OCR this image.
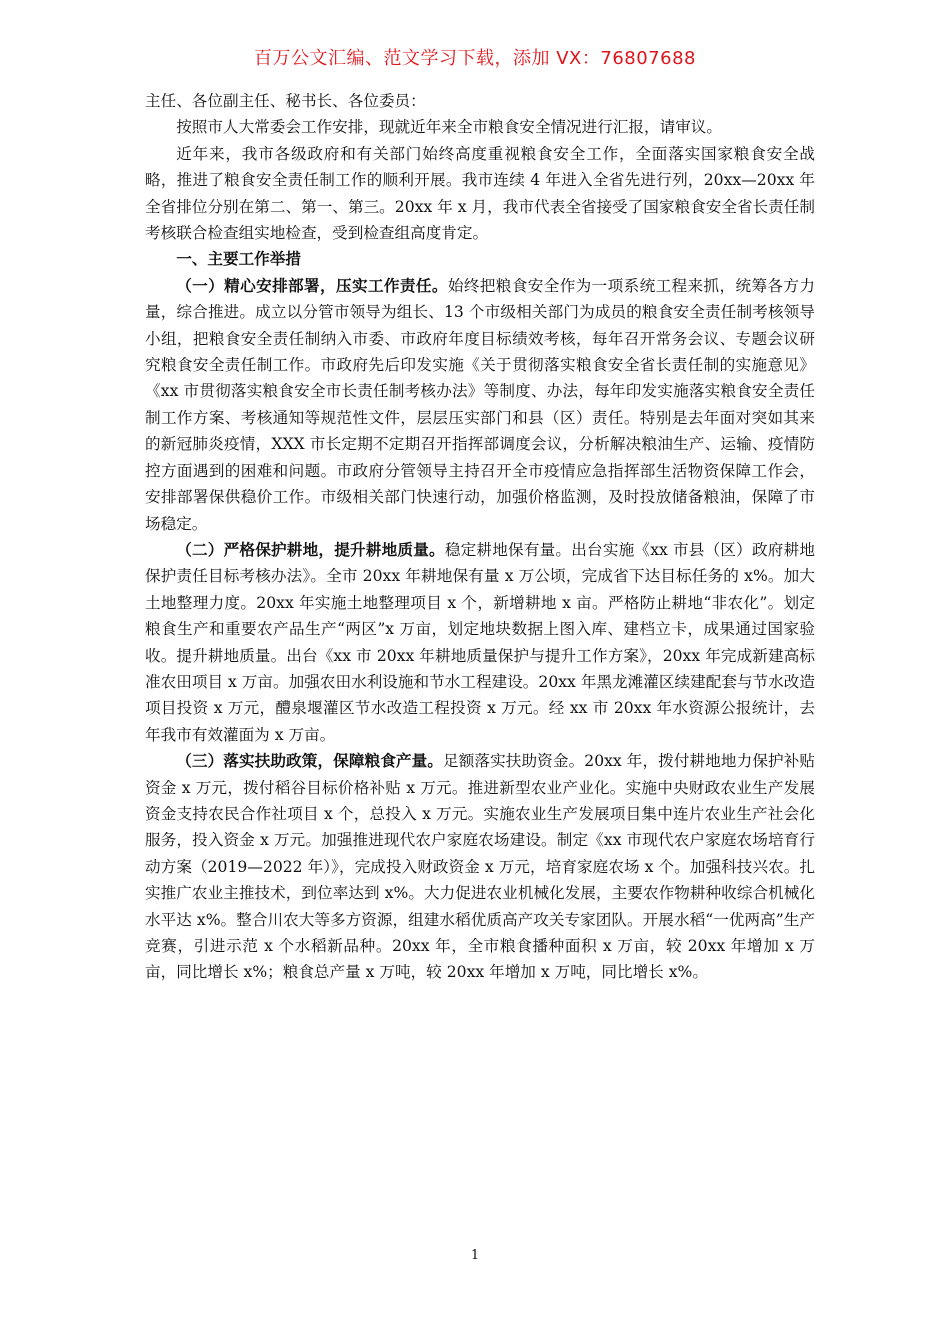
百万公文汇编、范文学习下载，添加 VX：76807688

主任、各位副主任、秘书长、各位委员：

按照市人大常委会工作安排，现就近年来全市粮食安全情况进行汇报，请审议。

近年来，我市各级政府和有关部门始终高度重视粮食安全工作，全面落实国家粮食安全战略，推进了粮食安全责任制工作的顺利开展。我市连续 4 年进入全省先进行列，20xx—20xx 年全省排位分别在第二、第一、第三。20xx 年 x 月，我市代表全省接受了国家粮食安全省长责任制考核联合检查组实地检查，受到检查组高度肯定。

一、主要工作举措

（一）精心安排部署，压实工作责任。始终把粮食安全作为一项系统工程来抓，统筹各方力量，综合推进。成立以分管市领导为组长、13 个市级相关部门为成员的粮食安全责任制考核领导小组，把粮食安全责任制纳入市委、市政府年度目标绩效考核，每年召开常务会议、专题会议研究粮食安全责任制工作。市政府先后印发实施《关于贯彻落实粮食安全省长责任制的实施意见》《xx 市贯彻落实粮食安全市长责任制考核办法》等制度、办法，每年印发实施落实粮食安全责任制工作方案、考核通知等规范性文件，层层压实部门和县（区）责任。特别是去年面对突如其来的新冠肺炎疫情，XXX 市长定期不定期召开指挥部调度会议，分析解决粮油生产、运输、疫情防控方面遇到的困难和问题。市政府分管领导主持召开全市疫情应急指挥部生活物资保障工作会，安排部署保供稳价工作。市级相关部门快速行动，加强价格监测，及时投放储备粮油，保障了市场稳定。

（二）严格保护耕地，提升耕地质量。稳定耕地保有量。出台实施《xx 市县（区）政府耕地保护责任目标考核办法》。全市 20xx 年耕地保有量 x 万公顷，完成省下达目标任务的 x%。加大土地整理力度。20xx 年实施土地整理项目 x 个，新增耕地 x 亩。严格防止耕地“非农化”。划定粮食生产和重要农产品生产“两区”x 万亩，划定地块数据上图入库、建档立卡，成果通过国家验收。提升耕地质量。出台《xx 市 20xx 年耕地质量保护与提升工作方案》，20xx 年完成新建高标准农田项目 x 万亩。加强农田水利设施和节水工程建设。20xx 年黑龙滩灌区续建配套与节水改造项目投资 x 万元，醴泉堰灌区节水改造工程投资 x 万元。经 xx 市 20xx 年水资源公报统计，去年我市有效灌面为 x 万亩。

（三）落实扶助政策，保障粮食产量。足额落实扶助资金。20xx 年，拨付耕地地力保护补贴资金 x 万元，拨付稻谷目标价格补贴 x 万元。推进新型农业产业化。实施中央财政农业生产发展资金支持农民合作社项目 x 个，总投入 x 万元。实施农业生产发展项目集中连片农业生产社会化服务，投入资金 x 万元。加强推进现代农户家庭农场建设。制定《xx 市现代农户家庭农场培育行动方案（2019—2022 年）》，完成投入财政资金 x 万元，培育家庭农场 x 个。加强科技兴农。扎实推广农业主推技术，到位率达到 x%。大力促进农业机械化发展，主要农作物耕种收综合机械化水平达 x%。整合川农大等多方资源，组建水稻优质高产攻关专家团队。开展水稻“一优两高”生产竞赛，引进示范 x 个水稻新品种。20xx 年，全市粮食播种面积 x 万亩，较 20xx 年增加 x 万亩，同比增长 x%；粮食总产量 x 万吨，较 20xx 年增加 x 万吨，同比增长 x%。

1
